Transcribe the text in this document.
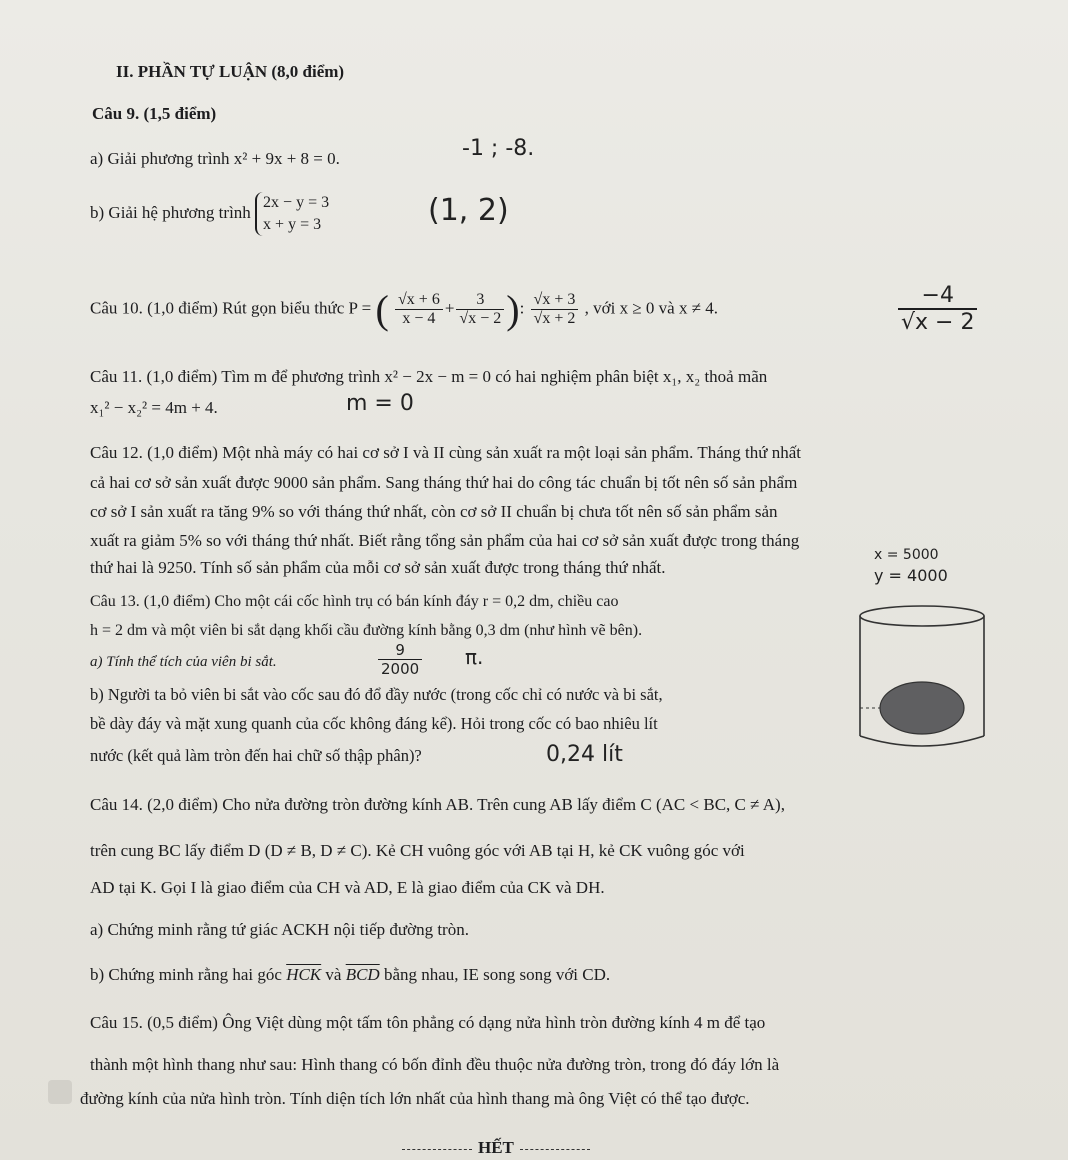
II. PHẦN TỰ LUẬN (8,0 điểm)
Câu 9. (1,5 điểm)
a) Giải phương trình x² + 9x + 8 = 0.	-1 ; -8.
b) Giải hệ phương trình
2x − y = 3
x + y = 3	(1, 2)
Câu 10. (1,0 điểm) Rút gọn biểu thức P = ( $\frac{√x + 6}{x - 4} + \frac{3}{√x - 2}$ ): $\frac{√x + 3}{√x + 2}$ , với x ≥ 0 và x ≠ 4.	$\frac{-4}{√x - 2}$
Câu 11. (1,0 điểm) Tìm m để phương trình x² − 2x − m = 0 có hai nghiệm phân biệt x₁, x₂ thoả mãn
x₁² − x₂² = 4m + 4.	m = 0
Câu 12. (1,0 điểm) Một nhà máy có hai cơ sở I và II cùng sản xuất ra một loại sản phẩm. Tháng thứ nhất
cả hai cơ sở sản xuất được 9000 sản phẩm. Sang tháng thứ hai do công tác chuẩn bị tốt nên số sản phẩm
cơ sở I sản xuất ra tăng 9% so với tháng thứ nhất, còn cơ sở II chuẩn bị chưa tốt nên số sản phẩm sản
xuất ra giảm 5% so với tháng thứ nhất. Biết rằng tổng sản phẩm của hai cơ sở sản xuất được trong tháng
thứ hai là 9250. Tính số sản phẩm của mỗi cơ sở sản xuất được trong tháng thứ nhất.
x = 5000
y = 4000
Câu 13. (1,0 điểm) Cho một cái cốc hình trụ có bán kính đáy r = 0,2 dm, chiều cao
h = 2 dm và một viên bi sắt dạng khối cầu đường kính bằng 0,3 dm (như hình vẽ bên).
a) Tính thể tích của viên bi sắt.	$\frac{9}{2000} \pi$.
b) Người ta bỏ viên bi sắt vào cốc sau đó đổ đầy nước (trong cốc chỉ có nước và bi sắt,
bề dày đáy và mặt xung quanh của cốc không đáng kể). Hỏi trong cốc có bao nhiêu lít
nước (kết quả làm tròn đến hai chữ số thập phân)?	0,24 lít
Câu 14. (2,0 điểm) Cho nửa đường tròn đường kính AB. Trên cung AB lấy điểm C (AC < BC, C ≠ A),
trên cung BC lấy điểm D (D ≠ B, D ≠ C). Kẻ CH vuông góc với AB tại H, kẻ CK vuông góc với
AD tại K. Gọi I là giao điểm của CH và AD, E là giao điểm của CK và DH.
a) Chứng minh rằng tứ giác ACKH nội tiếp đường tròn.
b) Chứng minh rằng hai góc $\overline{HCK}$ và $\overline{BCD}$ bằng nhau, IE song song với CD.
Câu 15. (0,5 điểm) Ông Việt dùng một tấm tôn phẳng có dạng nửa hình tròn đường kính 4 m để tạo
thành một hình thang như sau: Hình thang có bốn đỉnh đều thuộc nửa đường tròn, trong đó đáy lớn là
đường kính của nửa hình tròn. Tính diện tích lớn nhất của hình thang mà ông Việt có thể tạo được.
HẾT
